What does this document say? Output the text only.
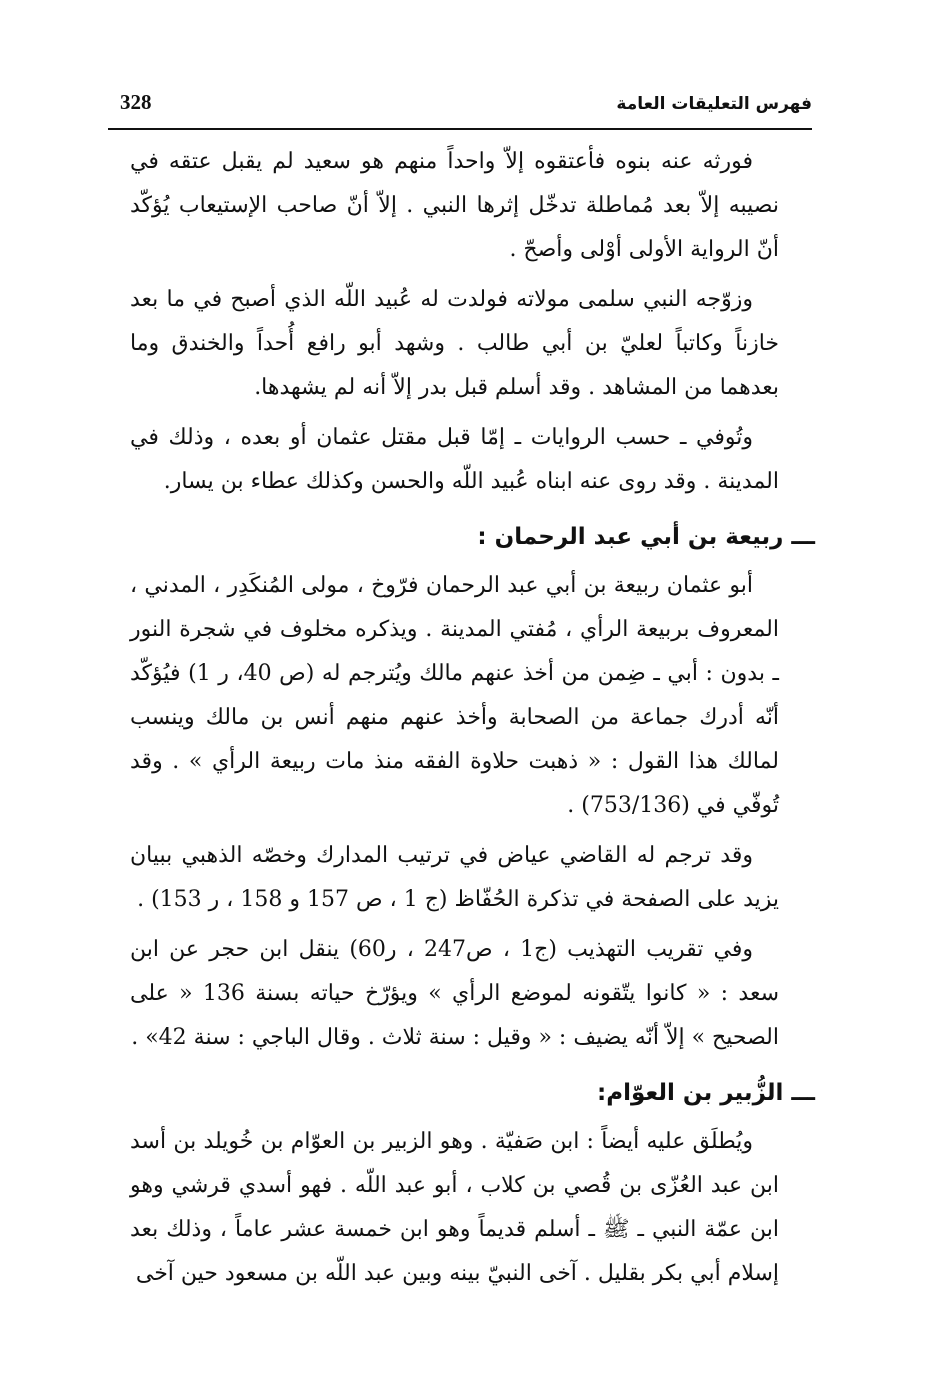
328	فهرس التعليقات العامة

فورثه عنه بنوه فأعتقوه إلاّ واحداً منهم هو سعيد لم يقبل عتقه في نصيبه إلاّ بعد مُماطلة تدخّل إثرها النبي . إلاّ أنّ صاحب الإستيعاب يُؤكّد أنّ الرواية الأولى أوْلى وأصحّ .

وزوّجه النبي سلمى مولاته فولدت له عُبيد اللّه الذي أصبح في ما بعد خازناً وكاتباً لعليّ بن أبي طالب . وشهد أبو رافع أُحداً والخندق وما بعدهما من المشاهد . وقد أسلم قبل بدر إلاّ أنه لم يشهدها.

وتُوفي ـ حسب الروايات ـ إمّا قبل مقتل عثمان أو بعده ، وذلك في المدينة . وقد روى عنه ابناه عُبيد اللّه والحسن وكذلك عطاء بن يسار.

ـــ ربيعة بن أبي عبد الرحمان :

أبو عثمان ربيعة بن أبي عبد الرحمان فرّوخ ، مولى المُنكَدِر ، المدني ، المعروف بربيعة الرأي ، مُفتي المدينة . ويذكره مخلوف في شجرة النور ـ بدون : أبي ـ ضِمن من أخذ عنهم مالك ويُترجم له (ص 40، ر 1) فيُؤكّد أنّه أدرك جماعة من الصحابة وأخذ عنهم منهم أنس بن مالك وينسب لمالك هذا القول : « ذهبت حلاوة الفقه منذ مات ربيعة الرأي » . وقد تُوفّي في (753/136) .

وقد ترجم له القاضي عياض في ترتيب المدارك وخصّه الذهبي ببيان يزيد على الصفحة في تذكرة الحُفّاظ (ج 1 ، ص 157 و 158 ، ر 153) .

وفي تقريب التهذيب (ج1 ، ص247 ، ر60) ينقل ابن حجر عن ابن سعد : « كانوا يتّقونه لموضع الرأي » ويؤرّخ حياته بسنة 136 « على الصحيح » إلاّ أنّه يضيف : « وقيل : سنة ثلاث . وقال الباجي : سنة 42» .

ـــ الزُّبير بن العوّام:

ويُطلَق عليه أيضاً : ابن صَفيّة . وهو الزبير بن العوّام بن خُويلد بن أسد ابن عبد العُزّى بن قُصي بن كلاب ، أبو عبد اللّه . فهو أسدي قرشي وهو ابن عمّة النبي ـ ﷺ ـ أسلم قديماً وهو ابن خمسة عشر عاماً ، وذلك بعد إسلام أبي بكر بقليل . آخى النبيّ بينه وبين عبد اللّه بن مسعود حين آخى
